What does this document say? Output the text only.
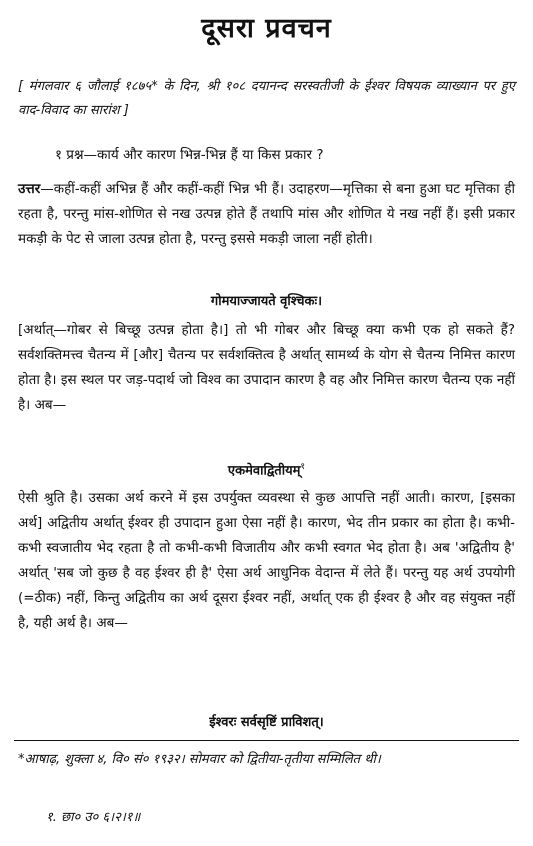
दूसरा प्रवचन
[ मंगलवार ६ जौलाई १८७५* के दिन, श्री १०८ दयानन्द सरस्वतीजी के ईश्वर विषयक व्याख्यान पर हुए वाद-विवाद का सारांश ]
१ प्रश्न—कार्य और कारण भिन्न-भिन्न हैं या किस प्रकार ?
उत्तर—कहीं-कहीं अभिन्न हैं और कहीं-कहीं भिन्न भी हैं। उदाहरण—मृत्तिका से बना हुआ घट मृत्तिका ही रहता है, परन्तु मांस-शोणित से नख उत्पन्न होते हैं तथापि मांस और शोणित ये नख नहीं हैं। इसी प्रकार मकड़ी के पेट से जाला उत्पन्न होता है, परन्तु इससे मकड़ी जाला नहीं होती।
गोमयाज्जायते वृश्चिकः।
[अर्थात्—गोबर से बिच्छू उत्पन्न होता है।] तो भी गोबर और बिच्छू क्या कभी एक हो सकते हैं? सर्वशक्तिमत्त्व चैतन्य में [और] चैतन्य पर सर्वशक्तित्व है अर्थात् सामर्थ्य के योग से चैतन्य निमित्त कारण होता है। इस स्थल पर जड़-पदार्थ जो विश्व का उपादान कारण है वह और निमित्त कारण चैतन्य एक नहीं है। अब—
एकमेवाद्वितीयम्$^१$
ऐसी श्रुति है। उसका अर्थ करने में इस उपर्युक्त व्यवस्था से कुछ आपत्ति नहीं आती। कारण, [इसका अर्थ] अद्वितीय अर्थात् ईश्वर ही उपादान हुआ ऐसा नहीं है। कारण, भेद तीन प्रकार का होता है। कभी-कभी स्वजातीय भेद रहता है तो कभी-कभी विजातीय और कभी स्वगत भेद होता है। अब 'अद्वितीय है' अर्थात् 'सब जो कुछ है वह ईश्वर ही है' ऐसा अर्थ आधुनिक वेदान्त में लेते हैं। परन्तु यह अर्थ उपयोगी (=ठीक) नहीं, किन्तु अद्वितीय का अर्थ दूसरा ईश्वर नहीं, अर्थात् एक ही ईश्वर है और वह संयुक्त नहीं है, यही अर्थ है। अब—
ईश्वरः सर्वसृष्टिं प्राविशत्।
*आषाढ़, शुक्ला ४, वि० सं० १९३२। सोमवार को द्वितीया-तृतीया सम्मिलित थी।
१. छा० उ० ६।२।१॥
